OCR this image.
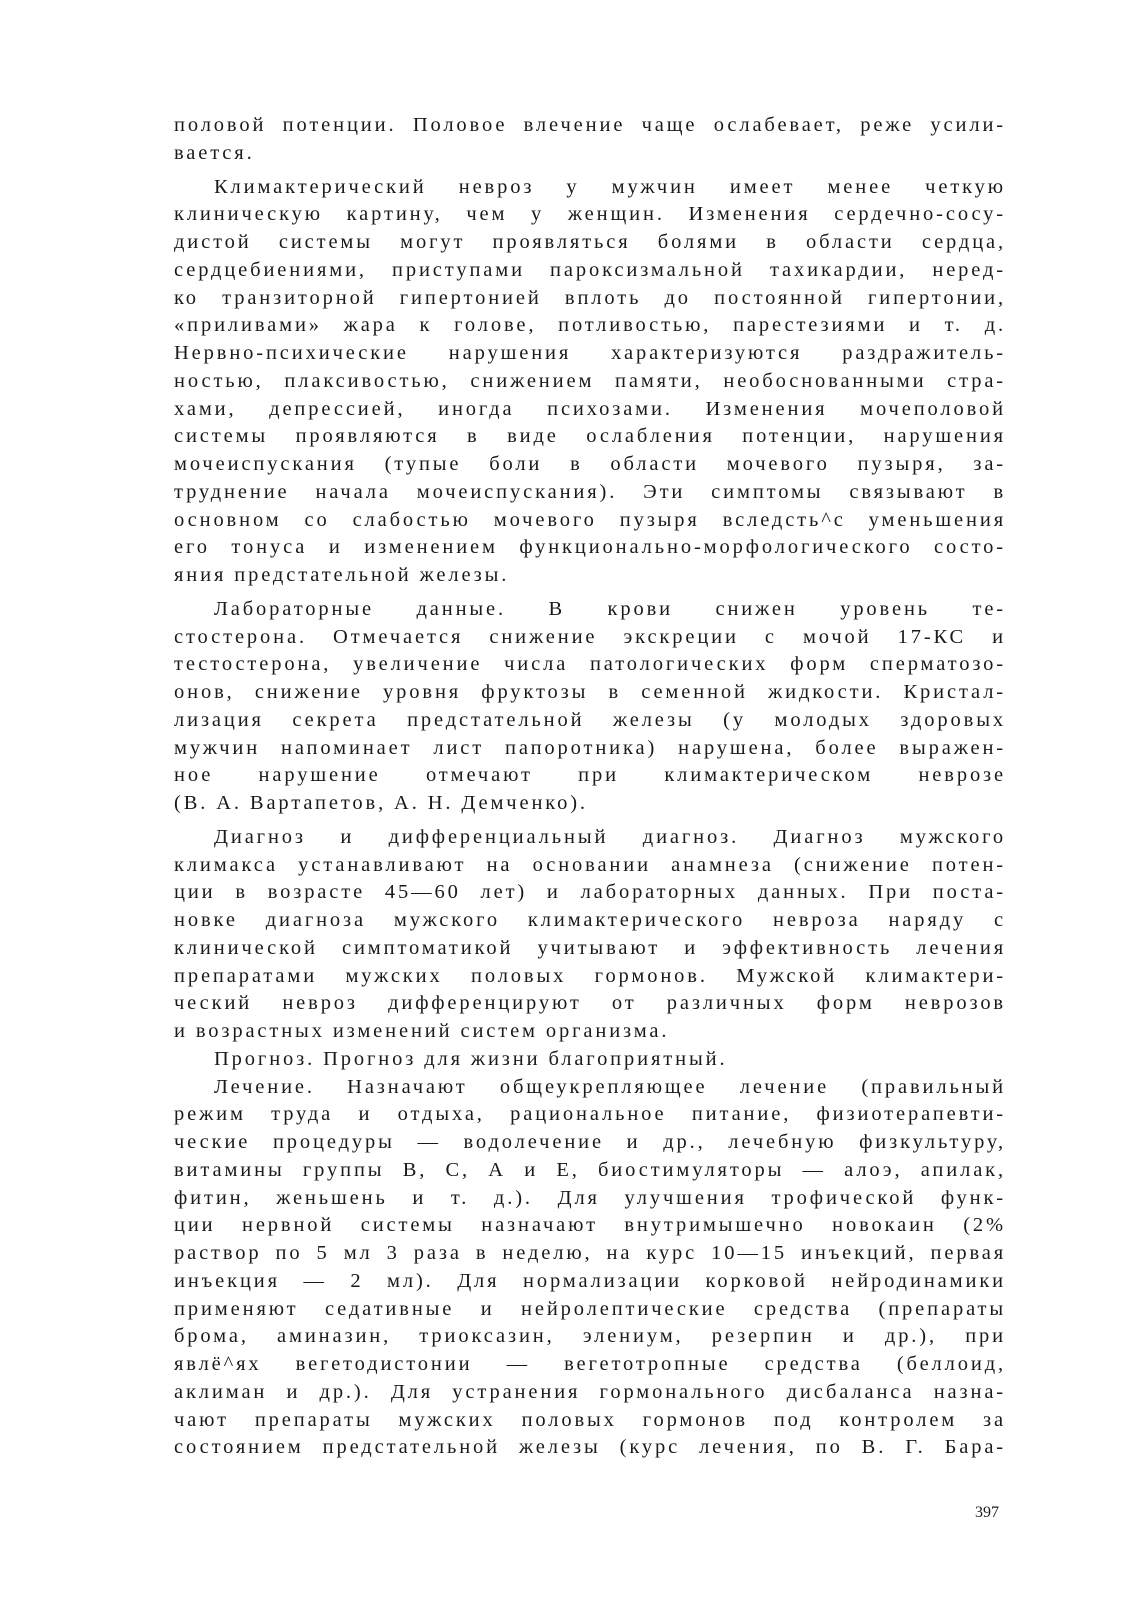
половой потенции. Половое влечение чаще ослабевает, реже усили-
вается.
Климактерический невроз у мужчин имеет менее четкую
клиническую картину, чем у женщин. Изменения сердечно-сосу-
дистой системы могут проявляться болями в области сердца,
сердцебиениями, приступами пароксизмальной тахикардии, неред-
ко транзиторной гипертонией вплоть до постоянной гипертонии,
«приливами» жара к голове, потливостью, парестезиями и т. д.
Нервно-психические нарушения характеризуются раздражитель-
ностью, плаксивостью, снижением памяти, необоснованными стра-
хами, депрессией, иногда психозами. Изменения мочеполовой
системы проявляются в виде ослабления потенции, нарушения
мочеиспускания (тупые боли в области мочевого пузыря, за-
труднение начала мочеиспускания). Эти симптомы связывают в
основном со слабостью мочевого пузыря вследсть^с уменьшения
его тонуса и изменением функционально-морфологического состо-
яния предстательной железы.
Лабораторные данные. В крови снижен уровень те-
стостерона. Отмечается снижение экскреции с мочой 17-КС и
тестостерона, увеличение числа патологических форм сперматозо-
онов, снижение уровня фруктозы в семенной жидкости. Кристал-
лизация секрета предстательной железы (у молодых здоровых
мужчин напоминает лист папоротника) нарушена, более выражен-
ное нарушение отмечают при климактерическом неврозе
(В. А. Вартапетов, А. Н. Демченко).
Диагноз и дифференциальный диагноз. Диагноз мужского
климакса устанавливают на основании анамнеза (снижение потен-
ции в возрасте 45—60 лет) и лабораторных данных. При поста-
новке диагноза мужского климактерического невроза наряду с
клинической симптоматикой учитывают и эффективность лечения
препаратами мужских половых гормонов. Мужской климактери-
ческий невроз дифференцируют от различных форм неврозов
и возрастных изменений систем организма.
Прогноз. Прогноз для жизни благоприятный.
Лечение. Назначают общеукрепляющее лечение (правильный
режим труда и отдыха, рациональное питание, физиотерапевти-
ческие процедуры — водолечение и др., лечебную физкультуру,
витамины группы В, С, А и Е, биостимуляторы — алоэ, апилак,
фитин, женьшень и т. д.). Для улучшения трофической функ-
ции нервной системы назначают внутримышечно новокаин (2%
раствор по 5 мл 3 раза в неделю, на курс 10—15 инъекций, первая
инъекция — 2 мл). Для нормализации корковой нейродинамики
применяют седативные и нейролептические средства (препараты
брома, аминазин, триоксазин, элениум, резерпин и др.), при
явлё^ях вегетодистонии — вегетотропные средства (беллоид,
аклиман и др.). Для устранения гормонального дисбаланса назна-
чают препараты мужских половых гормонов под контролем за
состоянием предстательной железы (курс лечения, по В. Г. Бара-
397
